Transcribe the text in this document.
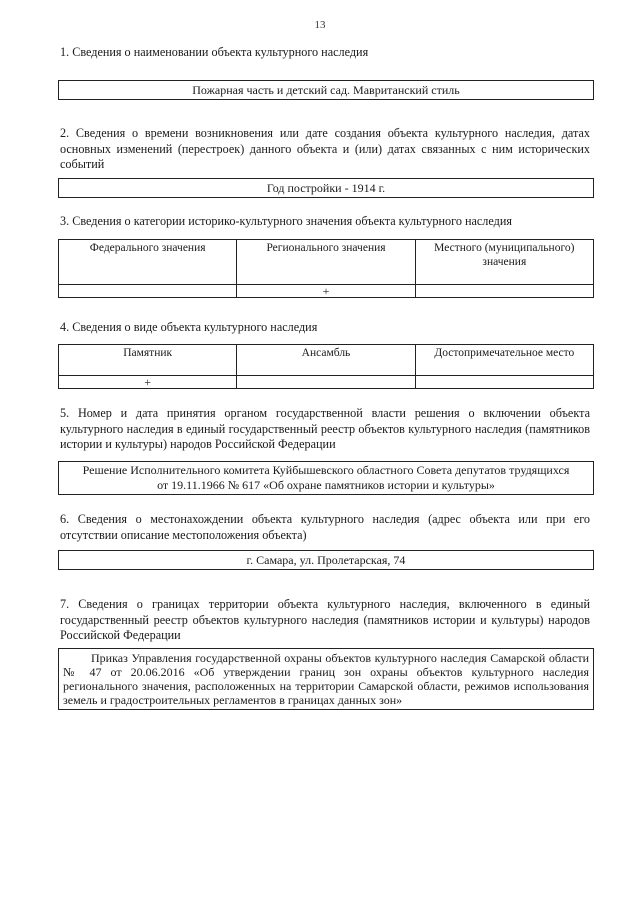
13
1. Сведения о наименовании объекта культурного наследия
Пожарная часть и детский сад. Мавританский стиль
2. Сведения о времени возникновения или дате создания объекта культурного наследия, датах основных изменений (перестроек) данного объекта и (или) датах связанных с ним исторических событий
Год постройки - 1914 г.
3. Сведения о категории историко-культурного значения объекта культурного наследия
Федерального значения	Регионального значения	Местного (муниципального) значения
	+	
4. Сведения о виде объекта культурного наследия
Памятник	Ансамбль	Достопримечательное место
+		
5. Номер и дата принятия органом государственной власти решения о включении объекта культурного наследия в единый государственный реестр объектов культурного наследия (памятников истории и культуры) народов Российской Федерации
Решение Исполнительного комитета Куйбышевского областного Совета депутатов трудящихся
от 19.11.1966 № 617 «Об охране памятников истории и культуры»
6. Сведения о местонахождении объекта культурного наследия (адрес объекта или при его отсутствии описание местоположения объекта)
г. Самара, ул. Пролетарская, 74
7. Сведения о границах территории объекта культурного наследия, включенного в единый государственный реестр объектов культурного наследия (памятников истории и культуры) народов Российской Федерации
Приказ Управления государственной охраны объектов культурного наследия Самарской области № 47 от 20.06.2016 «Об утверждении границ зон охраны объектов культурного наследия регионального значения, расположенных на территории Самарской области, режимов использования земель и градостроительных регламентов в границах данных зон»
